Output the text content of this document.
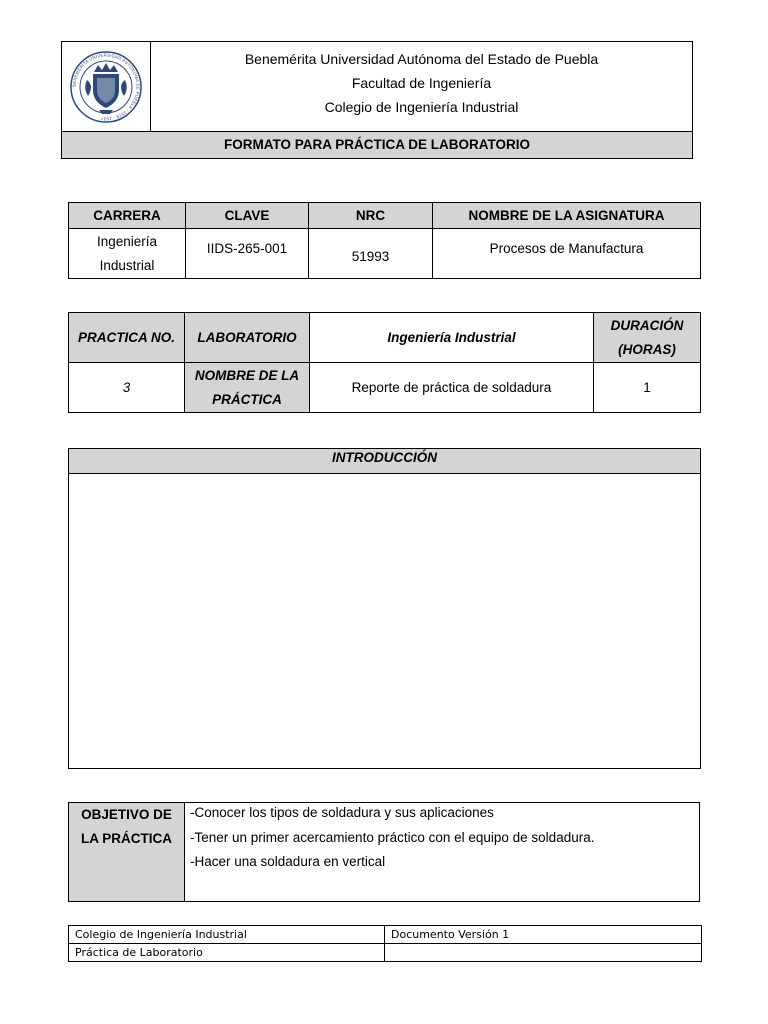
BENEMÉRITA UNIVERSIDAD AUTÓNOMA DE PUEBLA · 1578 · 1937
Benemérita Universidad Autónoma del Estado de Puebla
Facultad de Ingeniería
Colegio de Ingeniería Industrial
FORMATO PARA PRÁCTICA DE LABORATORIO
CARRERA	CLAVE	NRC	NOMBRE DE LA ASIGNATURA
Ingeniería Industrial	IIDS-265-001	51993	Procesos de Manufactura
PRACTICA NO.	LABORATORIO	Ingeniería Industrial	DURACIÓN (HORAS)
3	NOMBRE DE LA PRÁCTICA	Reporte de práctica de soldadura	1
INTRODUCCIÓN
OBJETIVO DE LA PRÁCTICA
-Conocer los tipos de soldadura y sus aplicaciones
-Tener un primer acercamiento práctico con el equipo de soldadura.
-Hacer una soldadura en vertical
Colegio de Ingeniería Industrial	Documento Versión 1
Práctica de Laboratorio	
